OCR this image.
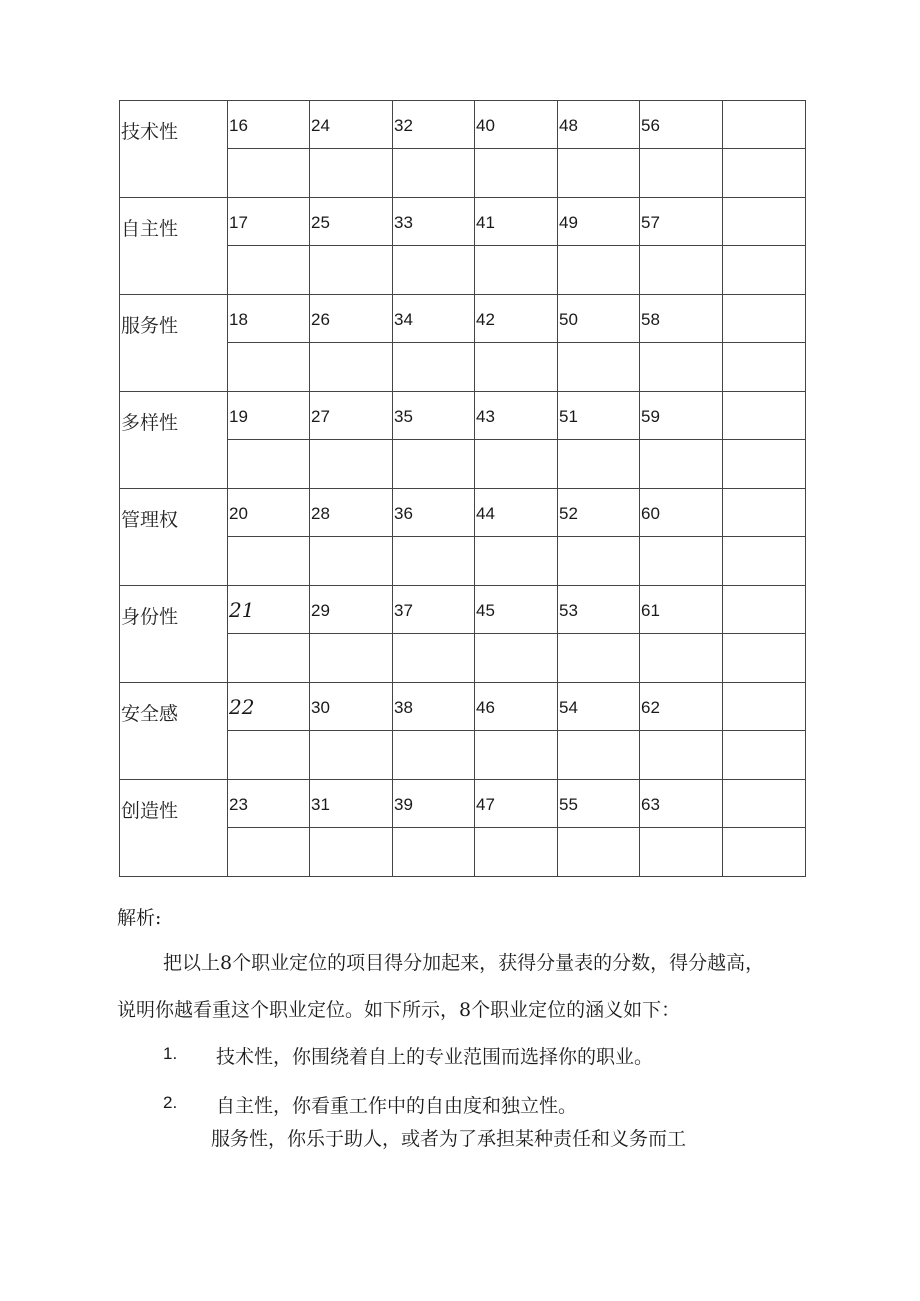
技术性	16	24	32	40	48	56	

自主性	17	25	33	41	49	57	

服务性	18	26	34	42	50	58	

多样性	19	27	35	43	51	59	

管理权	20	28	36	44	52	60	

身份性	21	29	37	45	53	61	

安全感	22	30	38	46	54	62	

创造性	23	31	39	47	55	63	

解析:
把以上8个职业定位的项目得分加起来，获得分量表的分数，得分越高，
说明你越看重这个职业定位。如下所示，8个职业定位的涵义如下：
1. 技术性，你围绕着自上的专业范围而选择你的职业。
2. 自主性，你看重工作中的自由度和独立性。
服务性，你乐于助人，或者为了承担某种责任和义务而工
